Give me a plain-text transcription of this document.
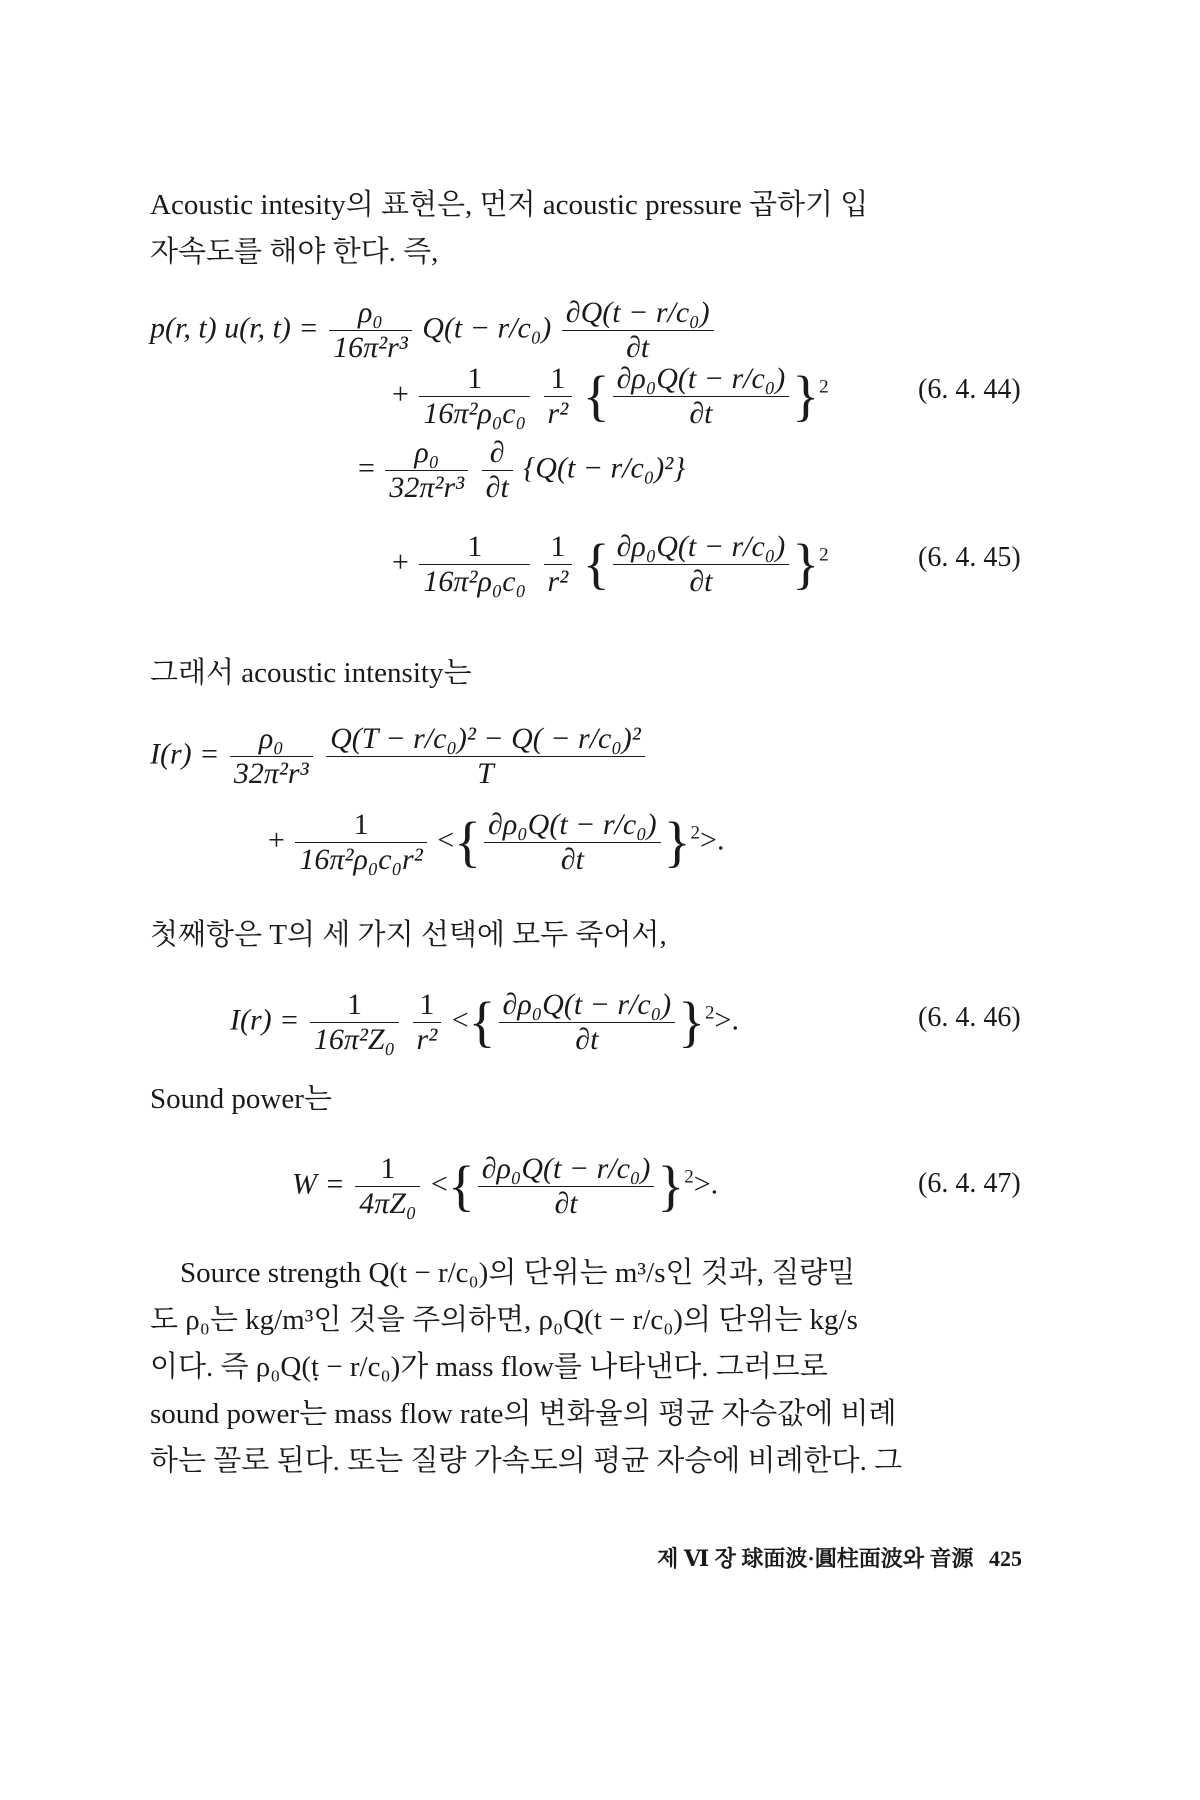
Acoustic intesity의 표현은, 먼저 acoustic pressure 곱하기 입
자속도를 해야 한다. 즉,
p(r, t) u(r, $t) = \frac{\text{ρ₀}}{\text{16π²r³}} Q(t - r/c_0) \frac{\text{∂Q(t − r/c₀)}}{\partial t}$
+ $\frac{1}{\text{16π²ρ₀c₀}}$
$\frac{1}{\text{r²}}$ { $\frac{\text{∂ρ₀Q(t − r/c₀)}}{\partial t} \}^2$	(6. 4. 44)
= $\frac{\text{ρ₀}}{\text{32π²r³}}$
$\frac{\partial}{\partial t} \{Q(t - r/c_0)^2\}$
+ $\frac{1}{\text{16π²ρ₀c₀}}$
$\frac{1}{\text{r²}}$ { $\frac{\text{∂ρ₀Q(t − r/c₀)}}{\partial t} \}^2$	(6. 4. 45)
그래서 acoustic intensity는
$I(r) = \frac{\text{ρ₀}}{\text{32π²r³}}$
$\frac{\text{Q(T − r/c₀)² − Q( − r/c₀)²}}{T}$
+ $\frac{1}{\text{16π²ρ₀c₀r²}}$ <{ $\frac{\text{∂ρ₀Q(t − r/c₀)}}{\partial t} \}^2>$.
첫째항은 T의 세 가지 선택에 모두 죽어서,
$I(r) = \frac{1}{\text{16π²Z₀}}$
$\frac{1}{\text{r²}}$ <{ $\frac{\text{∂ρ₀Q(t − r/c₀)}}{\partial t} \}^2>$.	(6. 4. 46)
Sound power는
$W = \frac{1}{\text{4πZ₀}}$ <{ $\frac{\text{∂ρ₀Q(t − r/c₀)}}{\partial t} \}^2>$.	(6. 4. 47)
Source strength Q(t − r/c₀)의 단위는 m³/s인 것과, 질량밀
도 ρ₀는 kg/m³인 것을 주의하면, ρ₀Q(t − r/c₀)의 단위는 kg/s
이다. 즉 ρ₀Q(ṭ − r/c₀)가 mass flow를 나타낸다. 그러므로
sound power는 mass flow rate의 변화율의 평균 자승값에 비례
하는 꼴로 된다. 또는 질량 가속도의 평균 자승에 비례한다. 그
제 Ⅵ 장 球面波·圓柱面波와 音源 425
